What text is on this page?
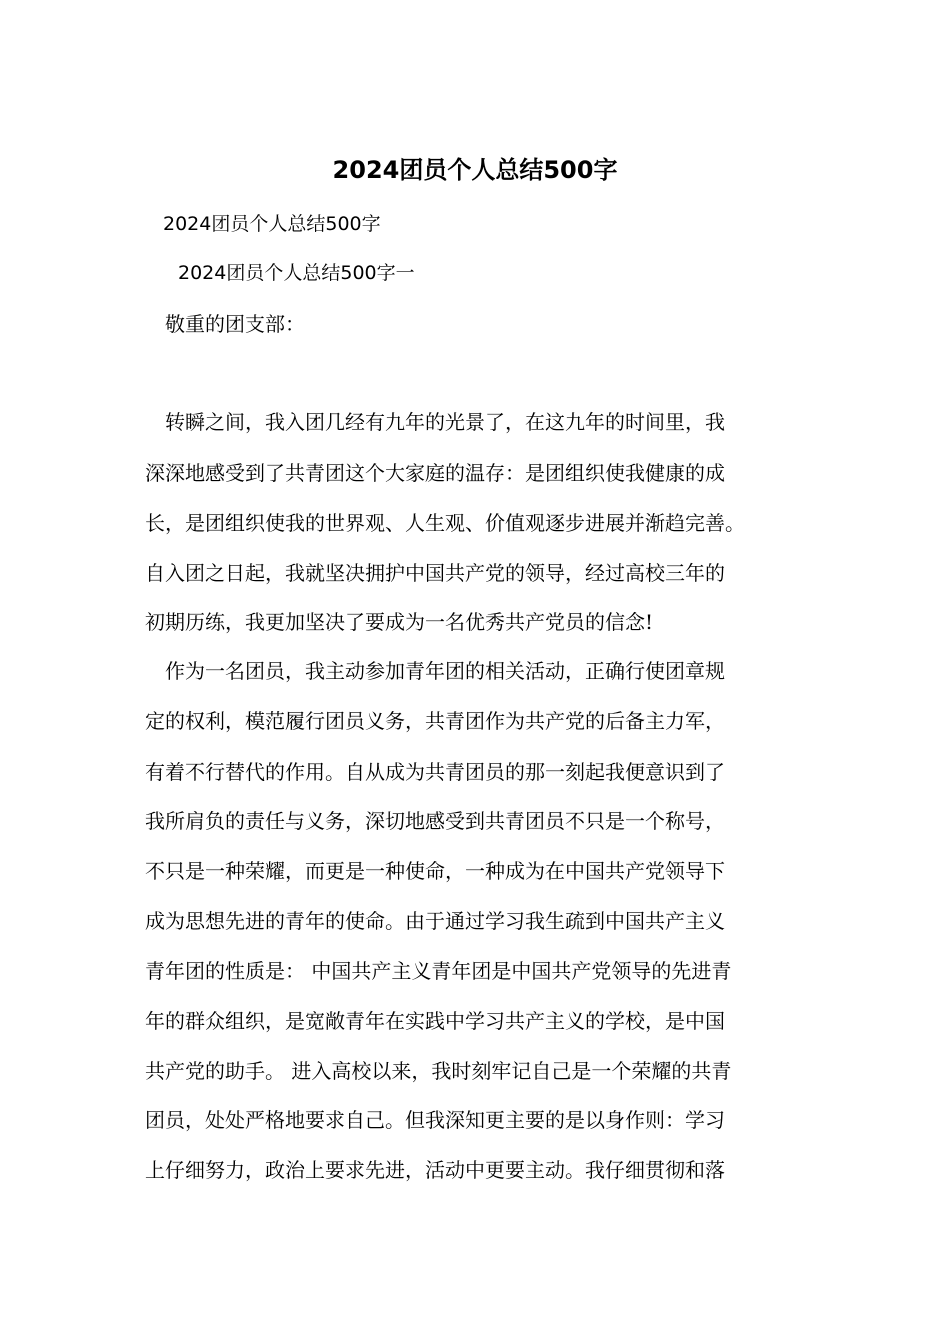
2024团员个人总结500字

2024团员个人总结500字

2024团员个人总结500字一

敬重的团支部：

转瞬之间，我入团几经有九年的光景了，在这九年的时间里，我

深深地感受到了共青团这个大家庭的温存：是团组织使我健康的成

长，是团组织使我的世界观、人生观、价值观逐步进展并渐趋完善。

自入团之日起，我就坚决拥护中国共产党的领导，经过高校三年的

初期历练，我更加坚决了要成为一名优秀共产党员的信念!

作为一名团员，我主动参加青年团的相关活动，正确行使团章规

定的权利，模范履行团员义务，共青团作为共产党的后备主力军，

有着不行替代的作用。自从成为共青团员的那一刻起我便意识到了

我所肩负的责任与义务，深切地感受到共青团员不只是一个称号，

不只是一种荣耀，而更是一种使命，一种成为在中国共产党领导下

成为思想先进的青年的使命。由于通过学习我生疏到中国共产主义

青年团的性质是： 中国共产主义青年团是中国共产党领导的先进青

年的群众组织，是宽敞青年在实践中学习共产主义的学校，是中国

共产党的助手。 进入高校以来，我时刻牢记自己是一个荣耀的共青

团员，处处严格地要求自己。但我深知更主要的是以身作则：学习

上仔细努力，政治上要求先进，活动中更要主动。我仔细贯彻和落
